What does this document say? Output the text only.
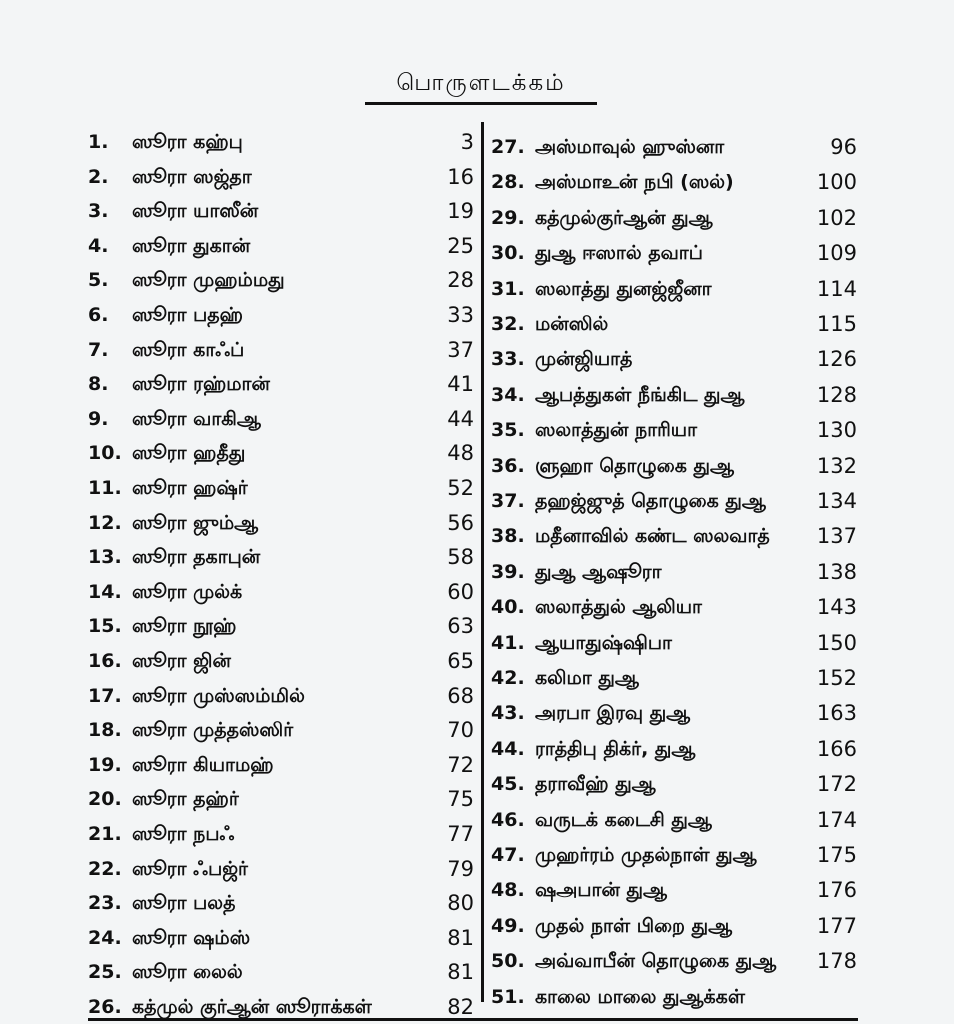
பொருளடக்கம்
1. ஸூரா கஹ்பு	3
2. ஸூரா ஸஜ்தா	16
3. ஸூரா யாஸீன்	19
4. ஸூரா துகான்	25
5. ஸூரா முஹம்மது	28
6. ஸூரா பதஹ்	33
7. ஸூரா காஃப்	37
8. ஸூரா ரஹ்மான்	41
9. ஸூரா வாகிஆ	44
10. ஸூரா ஹதீது	48
11. ஸூரா ஹஷ்ர்	52
12. ஸூரா ஜும்ஆ	56
13. ஸூரா தகாபுன்	58
14. ஸூரா முல்க்	60
15. ஸூரா நூஹ்	63
16. ஸூரா ஜின்	65
17. ஸூரா முஸ்ஸம்மில்	68
18. ஸூரா முத்தஸ்ஸிர்	70
19. ஸூரா கியாமஹ்	72
20. ஸூரா தஹ்ர்	75
21. ஸூரா நபஃ	77
22. ஸூரா ஃபஜ்ர்	79
23. ஸூரா பலத்	80
24. ஸூரா ஷம்ஸ்	81
25. ஸூரா லைல்	81
26. கத்முல் குர்ஆன் ஸூராக்கள்	82
27. அஸ்மாவுல் ஹுஸ்னா	96
28. அஸ்மாஉன் நபி (ஸல்)	100
29. கத்முல்குர்ஆன் துஆ	102
30. துஆ ஈஸால் தவாப்	109
31. ஸலாத்து துனஜ்ஜீனா	114
32. மன்ஸில்	115
33. முன்ஜியாத்	126
34. ஆபத்துகள் நீங்கிட துஆ	128
35. ஸலாத்துன் நாரியா	130
36. ளுஹா தொழுகை துஆ	132
37. தஹஜ்ஜுத் தொழுகை துஆ 134
38. மதீனாவில் கண்ட ஸலவாத் 137
39. துஆ ஆஷூரா	138
40. ஸலாத்துல் ஆலியா	143
41. ஆயாதுஷ்ஷிபா	150
42. கலிமா துஆ	152
43. அரபா இரவு துஆ	163
44. ராத்திபு திக்ர், துஆ	166
45. தராவீஹ் துஆ	172
46. வருடக் கடைசி துஆ	174
47. முஹர்ரம் முதல்நாள் துஆ	175
48. ஷஅபான் துஆ	176
49. முதல் நாள் பிறை துஆ	177
50. அவ்வாபீன் தொழுகை துஆ 178
51. காலை மாலை துஆக்கள்
